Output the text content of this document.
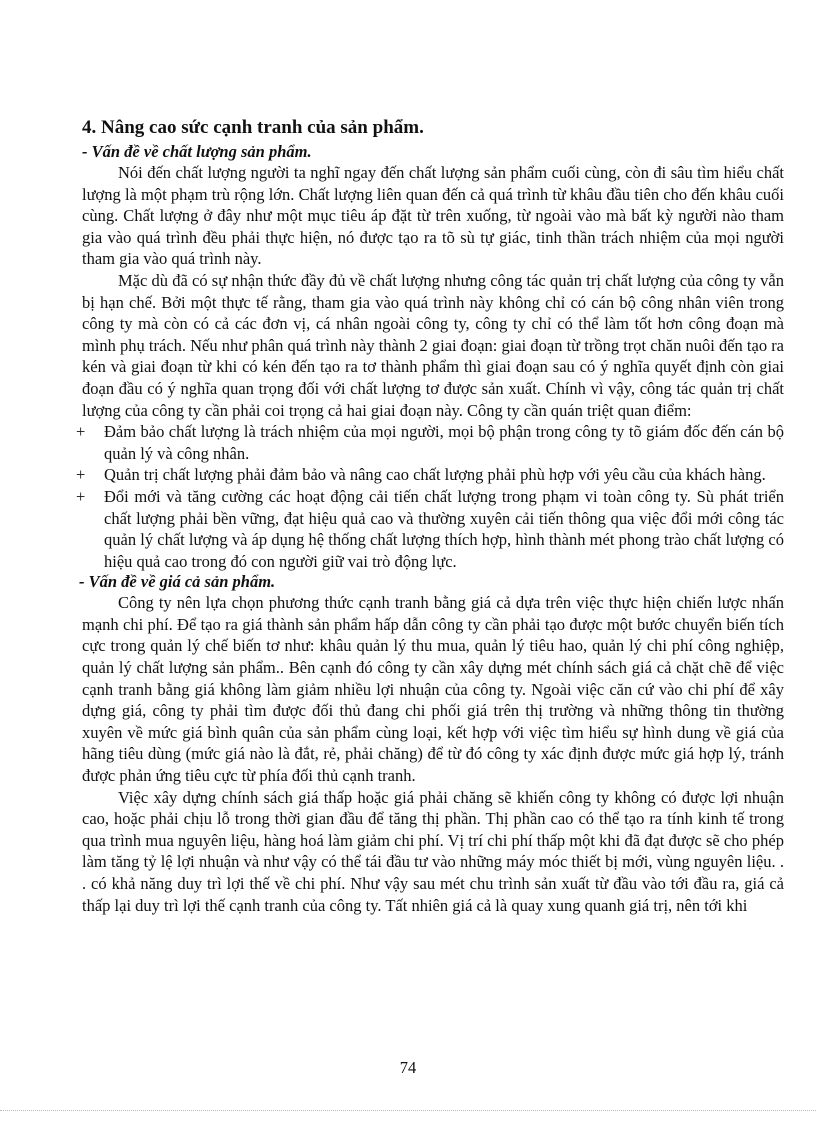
4. Nâng cao sức cạnh tranh của sản phẩm.

- Vấn đề về chất lượng sản phẩm.

Nói đến chất lượng người ta nghĩ ngay đến chất lượng sản phẩm cuối cùng, còn đi sâu tìm hiểu chất lượng là một phạm trù rộng lớn. Chất lượng liên quan đến cả quá trình từ khâu đầu tiên cho đến khâu cuối cùng. Chất lượng ở đây như một mục tiêu áp đặt từ trên xuống, từ ngoài vào mà bất kỳ người nào tham gia vào quá trình đều phải thực hiện, nó được tạo ra tõ sù tự giác, tinh thần trách nhiệm của mọi người tham gia vào quá trình này.

Mặc dù đã có sự nhận thức đầy đủ về chất lượng nhưng công tác quản trị chất lượng của công ty vẫn bị hạn chế. Bởi một thực tế rằng, tham gia vào quá trình này không chỉ có cán bộ công nhân viên trong công ty mà còn có cả các đơn vị, cá nhân ngoài công ty, công ty chỉ có thể làm tốt hơn công đoạn mà mình phụ trách. Nếu như phân quá trình này thành 2 giai đoạn: giai đoạn từ trồng trọt chăn nuôi đến tạo ra kén và giai đoạn từ khi có kén đến tạo ra tơ thành phẩm thì giai đoạn sau có ý nghĩa quyết định còn giai đoạn đầu có ý nghĩa quan trọng đối với chất lượng tơ được sản xuất. Chính vì vậy, công tác quản trị chất lượng của công ty cần phải coi trọng cả hai giai đoạn này. Công ty cần quán triệt quan điểm:

+ Đảm bảo chất lượng là trách nhiệm của mọi người, mọi bộ phận trong công ty tõ giám đốc đến cán bộ quản lý và công nhân.
+ Quản trị chất lượng phải đảm bảo và nâng cao chất lượng phải phù hợp với yêu cầu của khách hàng.
+ Đổi mới và tăng cường các hoạt động cải tiến chất lượng trong phạm vi toàn công ty. Sù phát triển chất lượng phải bền vững, đạt hiệu quả cao và thường xuyên cải tiến thông qua việc đổi mới công tác quản lý chất lượng và áp dụng hệ thống chất lượng thích hợp, hình thành mét phong trào chất lượng có hiệu quả cao trong đó con người giữ vai trò động lực.

- Vấn đề về giá cả sản phẩm.

Công ty nên lựa chọn phương thức cạnh tranh bằng giá cả dựa trên việc thực hiện chiến lược nhấn mạnh chi phí. Để tạo ra giá thành sản phẩm hấp dẫn công ty cần phải tạo được một bước chuyển biến tích cực trong quản lý chế biến tơ như: khâu quản lý thu mua, quản lý tiêu hao, quản lý chi phí công nghiệp, quản lý chất lượng sản phẩm.. Bên cạnh đó công ty cần xây dựng mét chính sách giá cả chặt chẽ để việc cạnh tranh bằng giá không làm giảm nhiều lợi nhuận của công ty. Ngoài việc căn cứ vào chi phí để xây dựng giá, công ty phải tìm được đối thủ đang chi phối giá trên thị trường và những thông tin thường xuyên về mức giá bình quân của sản phẩm cùng loại, kết hợp với việc tìm hiểu sự hình dung về giá của hãng tiêu dùng (mức giá nào là đắt, rẻ, phải chăng) để từ đó công ty xác định được mức giá hợp lý, tránh được phản ứng tiêu cực từ phía đối thủ cạnh tranh.

Việc xây dựng chính sách giá thấp hoặc giá phải chăng sẽ khiến công ty không có được lợi nhuận cao, hoặc phải chịu lỗ trong thời gian đầu để tăng thị phần. Thị phần cao có thể tạo ra tính kinh tế trong qua trình mua nguyên liệu, hàng hoá làm giảm chi phí. Vị trí chi phí thấp một khi đã đạt được sẽ cho phép làm tăng tỷ lệ lợi nhuận và như vậy có thể tái đầu tư vào những máy móc thiết bị mới, vùng nguyên liệu. . . có khả năng duy trì lợi thế về chi phí. Như vậy sau mét chu trình sản xuất từ đầu vào tới đầu ra, giá cả thấp lại duy trì lợi thế cạnh tranh của công ty. Tất nhiên giá cả là quay xung quanh giá trị, nên tới khi

74
